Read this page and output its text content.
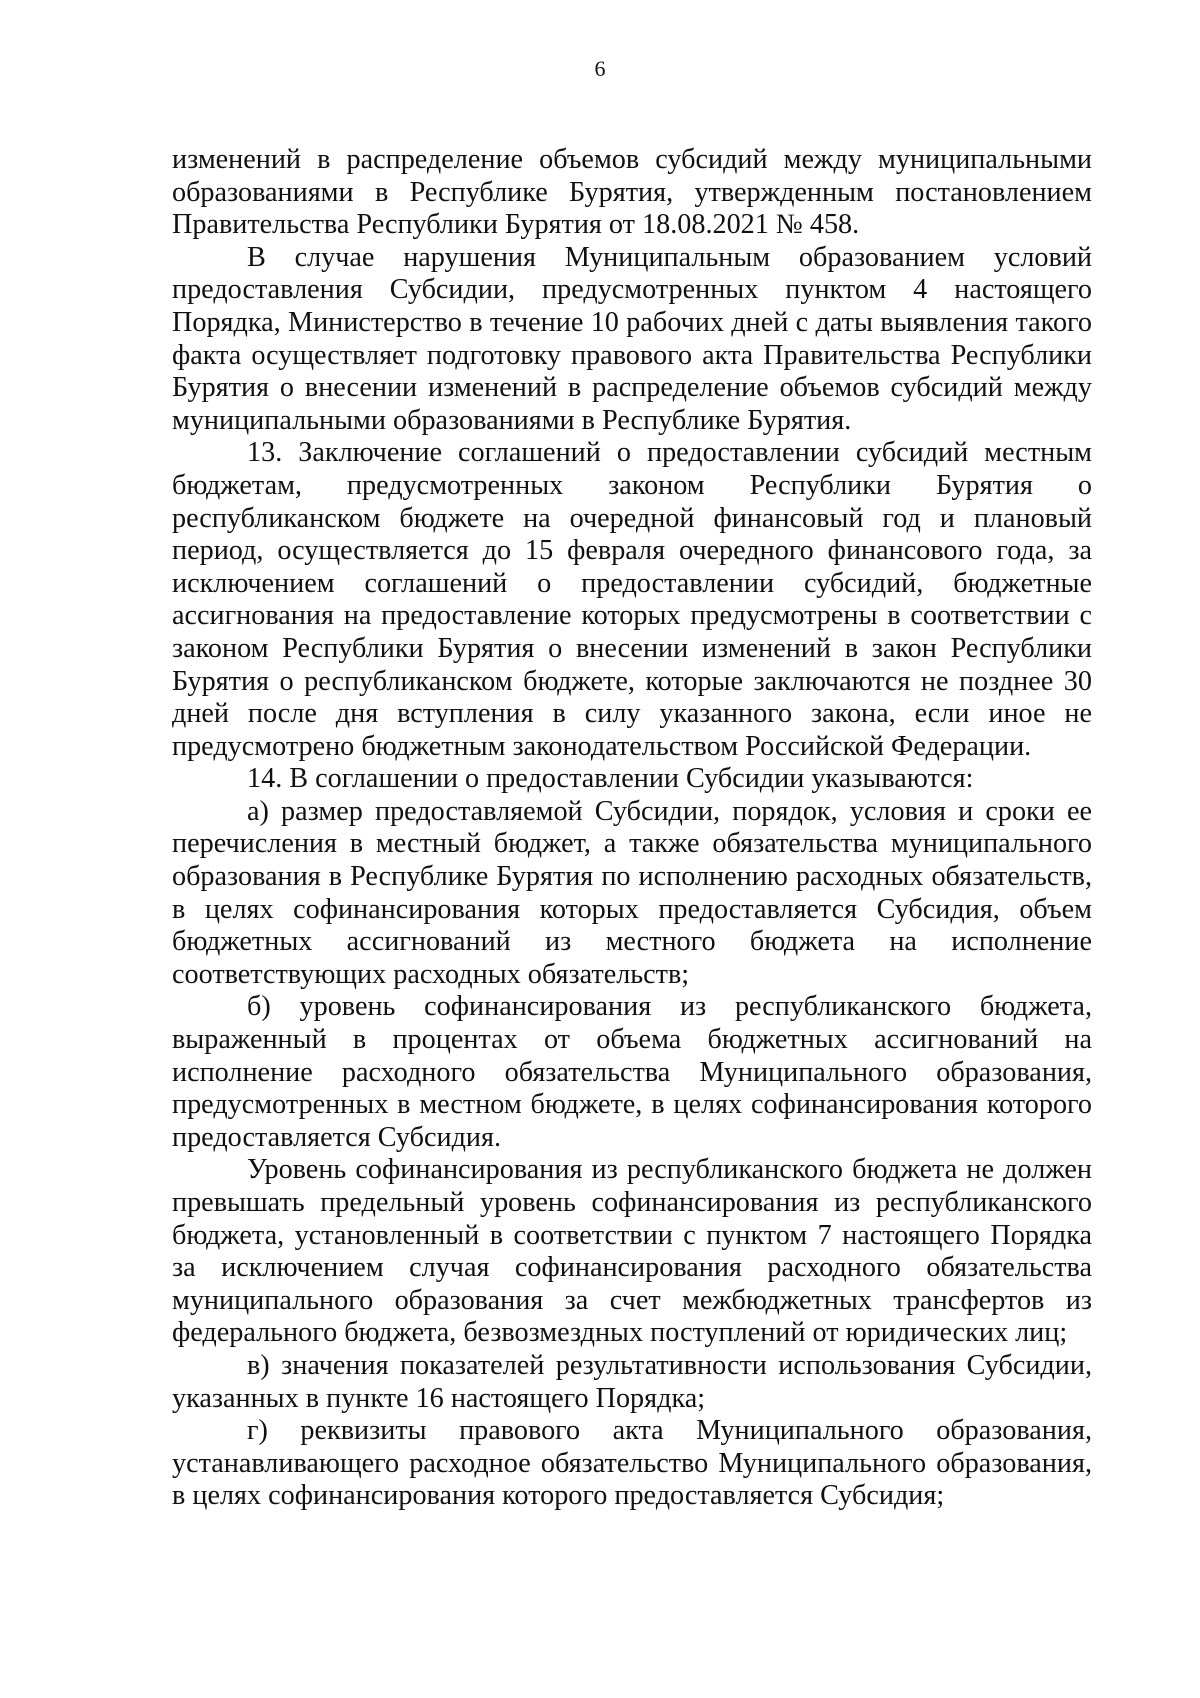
6

изменений в распределение объемов субсидий между муниципальными образованиями в Республике Бурятия, утвержденным постановлением Правительства Республики Бурятия от 18.08.2021 № 458.

В случае нарушения Муниципальным образованием условий предоставления Субсидии, предусмотренных пунктом 4 настоящего Порядка, Министерство в течение 10 рабочих дней с даты выявления такого факта осуществляет подготовку правового акта Правительства Республики Бурятия о внесении изменений в распределение объемов субсидий между муниципальными образованиями в Республике Бурятия.

13. Заключение соглашений о предоставлении субсидий местным бюджетам, предусмотренных законом Республики Бурятия о республиканском бюджете на очередной финансовый год и плановый период, осуществляется до 15 февраля очередного финансового года, за исключением соглашений о предоставлении субсидий, бюджетные ассигнования на предоставление которых предусмотрены в соответствии с законом Республики Бурятия о внесении изменений в закон Республики Бурятия о республиканском бюджете, которые заключаются не позднее 30 дней после дня вступления в силу указанного закона, если иное не предусмотрено бюджетным законодательством Российской Федерации.

14. В соглашении о предоставлении Субсидии указываются:

а) размер предоставляемой Субсидии, порядок, условия и сроки ее перечисления в местный бюджет, а также обязательства муниципального образования в Республике Бурятия по исполнению расходных обязательств, в целях софинансирования которых предоставляется Субсидия, объем бюджетных ассигнований из местного бюджета на исполнение соответствующих расходных обязательств;

б) уровень софинансирования из республиканского бюджета, выраженный в процентах от объема бюджетных ассигнований на исполнение расходного обязательства Муниципального образования, предусмотренных в местном бюджете, в целях софинансирования которого предоставляется Субсидия.

Уровень софинансирования из республиканского бюджета не должен превышать предельный уровень софинансирования из республиканского бюджета, установленный в соответствии с пунктом 7 настоящего Порядка за исключением случая софинансирования расходного обязательства муниципального образования за счет межбюджетных трансфертов из федерального бюджета, безвозмездных поступлений от юридических лиц;

в) значения показателей результативности использования Субсидии, указанных в пункте 16 настоящего Порядка;

г) реквизиты правового акта Муниципального образования, устанавливающего расходное обязательство Муниципального образования, в целях софинансирования которого предоставляется Субсидия;
